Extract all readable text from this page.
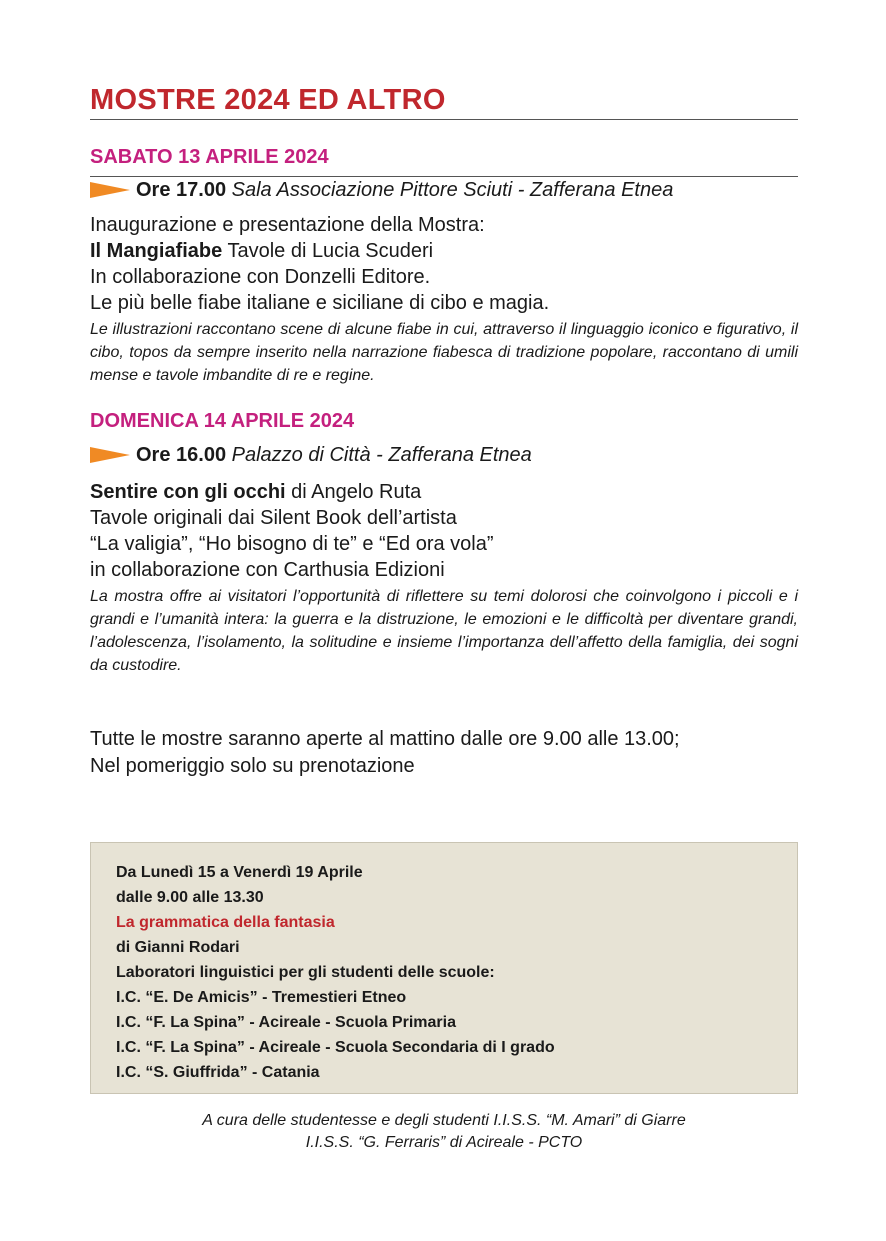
MOSTRE 2024 ED ALTRO
SABATO 13 APRILE 2024
Ore 17.00 Sala Associazione Pittore Sciuti - Zafferana Etnea
Inaugurazione e presentazione della Mostra:
Il Mangiafiabe Tavole di Lucia Scuderi
In collaborazione con Donzelli Editore.
Le più belle fiabe italiane e siciliane di cibo e magia.
Le illustrazioni raccontano scene di alcune fiabe in cui, attraverso il linguaggio iconico e figurativo, il cibo, topos da sempre inserito nella narrazione fiabesca di tradizione popolare, raccontano di umili mense e tavole imbandite di re e regine.
DOMENICA 14 APRILE 2024
Ore 16.00 Palazzo di Città - Zafferana Etnea
Sentire con gli occhi di Angelo Ruta
Tavole originali dai Silent Book dell’artista
“La valigia”, “Ho bisogno di te” e “Ed ora vola”
in collaborazione con Carthusia Edizioni
La mostra offre ai visitatori l’opportunità di riflettere su temi dolorosi che coinvolgono i piccoli e i grandi e l’umanità intera: la guerra e la distruzione, le emozioni e le difficoltà per diventare grandi, l’adolescenza, l’isolamento, la solitudine e insieme l’importanza dell’affetto della famiglia, dei sogni da custodire.
Tutte le mostre saranno aperte al mattino dalle ore 9.00 alle 13.00;
Nel pomeriggio solo su prenotazione
Da Lunedì 15 a Venerdì 19 Aprile
dalle 9.00 alle 13.30
La grammatica della fantasia
di Gianni Rodari
Laboratori linguistici per gli studenti delle scuole:
I.C. “E. De Amicis” - Tremestieri Etneo
I.C. “F. La Spina” - Acireale - Scuola Primaria
I.C. “F. La Spina” - Acireale - Scuola Secondaria di I grado
I.C. “S. Giuffrida” - Catania
A cura delle studentesse e degli studenti I.I.S.S. “M. Amari” di Giarre
I.I.S.S. “G. Ferraris” di Acireale - PCTO
